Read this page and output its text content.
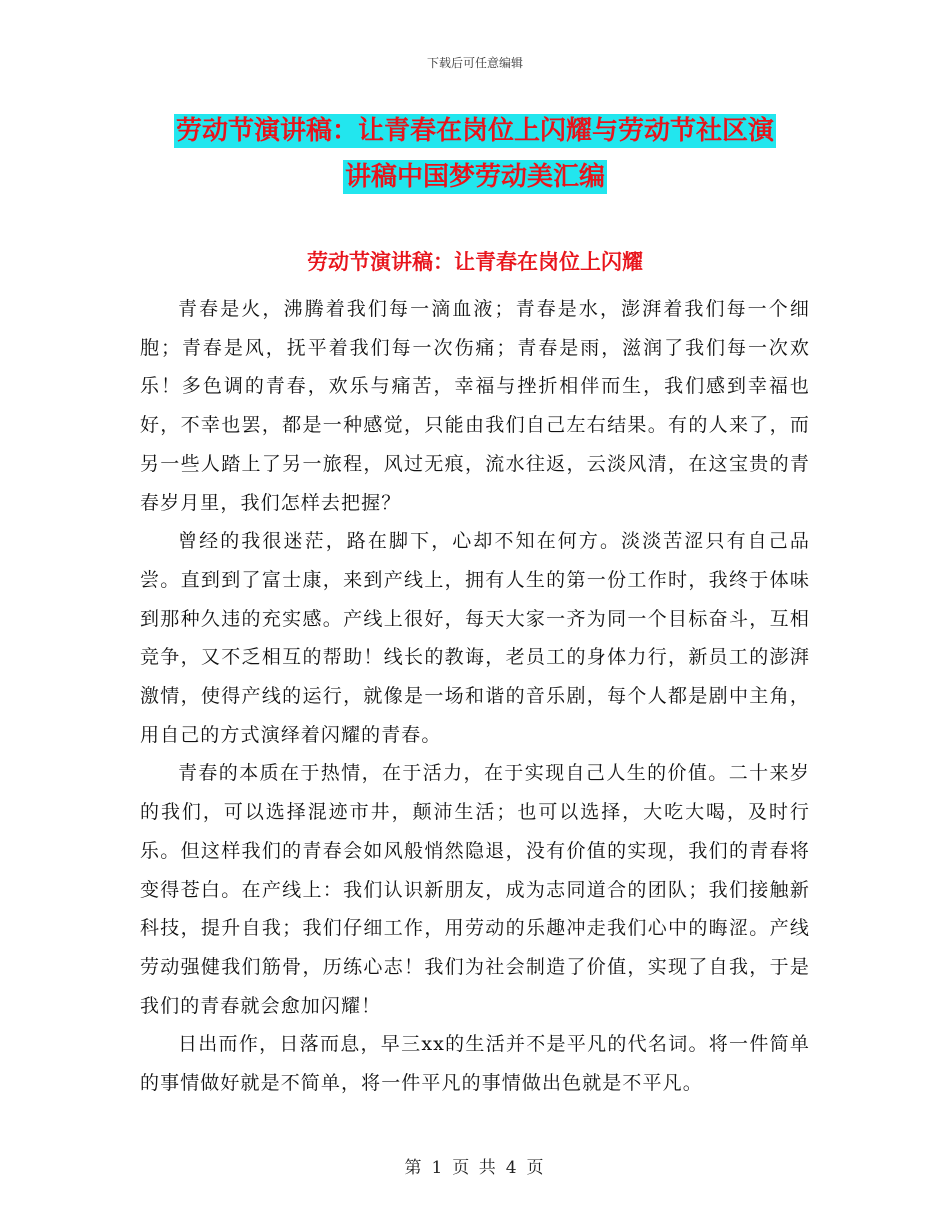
下载后可任意编辑
劳动节演讲稿：让青春在岗位上闪耀与劳动节社区演
讲稿中国梦劳动美汇编
劳动节演讲稿：让青春在岗位上闪耀

青春是火，沸腾着我们每一滴血液；青春是水，澎湃着我们每一个细胞；青春是风，抚平着我们每一次伤痛；青春是雨，滋润了我们每一次欢乐！多色调的青春，欢乐与痛苦，幸福与挫折相伴而生，我们感到幸福也好，不幸也罢，都是一种感觉，只能由我们自己左右结果。有的人来了，而另一些人踏上了另一旅程，风过无痕，流水往返，云淡风清，在这宝贵的青春岁月里，我们怎样去把握？

曾经的我很迷茫，路在脚下，心却不知在何方。淡淡苦涩只有自己品尝。直到到了富士康，来到产线上，拥有人生的第一份工作时，我终于体味到那种久违的充实感。产线上很好，每天大家一齐为同一个目标奋斗，互相竞争，又不乏相互的帮助！线长的教诲，老员工的身体力行，新员工的澎湃激情，使得产线的运行，就像是一场和谐的音乐剧，每个人都是剧中主角，用自己的方式演绎着闪耀的青春。

青春的本质在于热情，在于活力，在于实现自己人生的价值。二十来岁的我们，可以选择混迹市井，颠沛生活；也可以选择，大吃大喝，及时行乐。但这样我们的青春会如风般悄然隐退，没有价值的实现，我们的青春将变得苍白。在产线上：我们认识新朋友，成为志同道合的团队；我们接触新科技，提升自我；我们仔细工作，用劳动的乐趣冲走我们心中的晦涩。产线劳动强健我们筋骨，历练心志！我们为社会制造了价值，实现了自我，于是我们的青春就会愈加闪耀！

日出而作，日落而息，早三xx的生活并不是平凡的代名词。将一件简单的事情做好就是不简单，将一件平凡的事情做出色就是不平凡。

第 1 页 共 4 页
